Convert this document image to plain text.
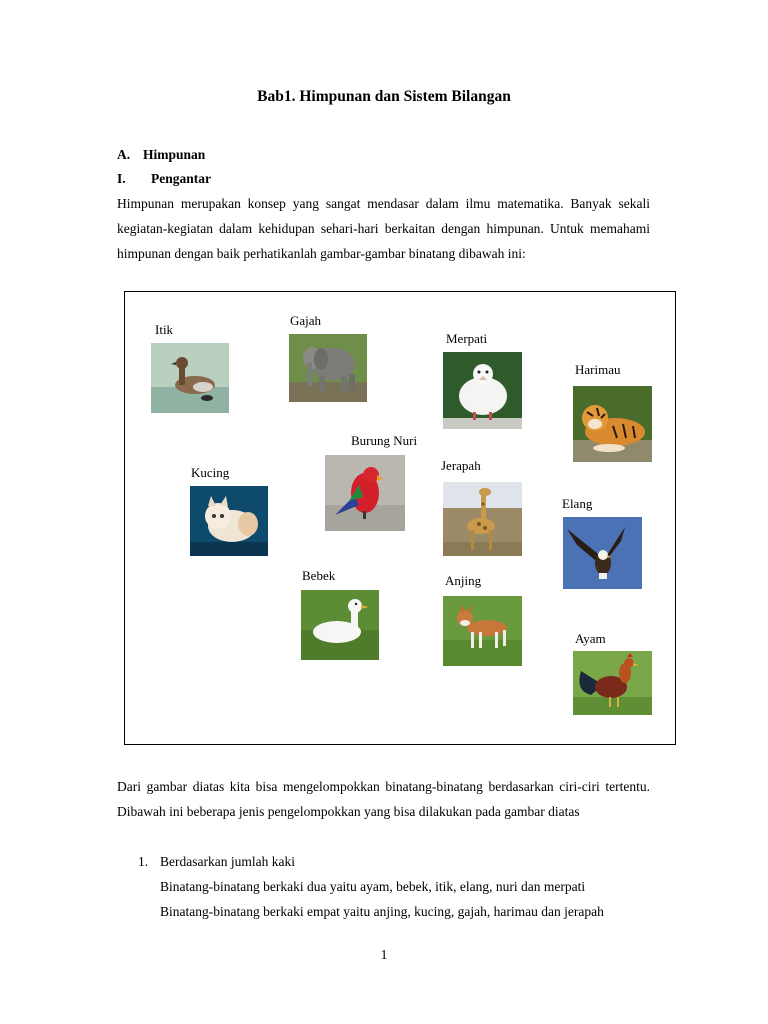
Bab1. Himpunan dan Sistem Bilangan
A. Himpunan
I. Pengantar

Himpunan merupakan konsep yang sangat mendasar dalam ilmu matematika. Banyak sekali kegiatan-kegiatan dalam kehidupan sehari-hari berkaitan dengan himpunan. Untuk memahami himpunan dengan baik perhatikanlah gambar-gambar binatang dibawah ini:

Itik
Gajah
Merpati
Harimau
Burung Nuri
Kucing	Jerapah
Elang
Bebek	Anjing
Ayam

Dari gambar diatas kita bisa mengelompokkan binatang-binatang berdasarkan ciri-ciri tertentu. Dibawah ini beberapa jenis pengelompokkan yang bisa dilakukan pada gambar diatas

1. Berdasarkan jumlah kaki
Binatang-binatang berkaki dua yaitu ayam, bebek, itik, elang, nuri dan merpati
Binatang-binatang berkaki empat yaitu anjing, kucing, gajah, harimau dan jerapah
1
